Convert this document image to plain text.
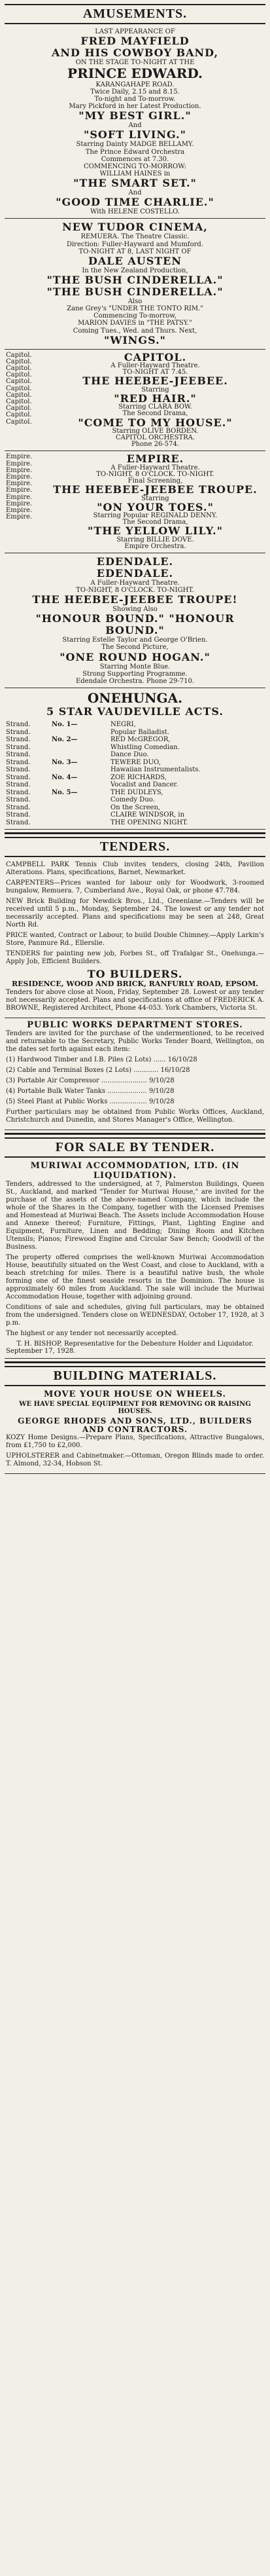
AMUSEMENTS.

LAST APPEARANCE OF

FRED MAYFIELD

AND HIS COWBOY BAND,

ON THE STAGE TO-NIGHT AT THE

PRINCE EDWARD.

KARANGAHAPE ROAD.

Twice Daily, 2.15 and 8.15.

To-night and To-morrow.

Mary Pickford in her Latest Production.

"MY BEST GIRL."

And

"SOFT LIVING."

Starring Dainty MADGE BELLAMY.

The Prince Edward Orchestra

Commences at 7.30.

COMMENCING TO-MORROW:

WILLIAM HAINES in

"THE SMART SET."

And

"GOOD TIME CHARLIE."

With HELENE COSTELLO.

NEW TUDOR CINEMA,

REMUERA. The Theatre Classic.

Direction: Fuller-Hayward and Mumford.

TO-NIGHT AT 8, LAST NIGHT OF

DALE AUSTEN

In the New Zealand Production,

"THE BUSH CINDERELLA."

"THE BUSH CINDERELLA."

Also

Zane Grey's "UNDER THE TONTO RIM."

Commencing To-morrow,

MARION DAVIES in "THE PATSY."

Coming Tues., Wed. and Thurs. Next,

"WINGS."

Capitol.

Capitol.

Capitol.

Capitol.

Capitol.

Capitol.

Capitol.

Capitol.

Capitol.

Capitol.

Capitol.

CAPITOL.

A Fuller-Hayward Theatre.

TO-NIGHT AT 7.45.

THE HEEBEE-JEEBEE.

Starring

"RED HAIR."

Starring CLARA BOW.

The Second Drama,

"COME TO MY HOUSE."

Starring OLIVE BORDEN.

CAPITOL ORCHESTRA.

Phone 26-574.

Empire.

Empire.

Empire.

Empire.

Empire.

Empire.

Empire.

Empire.

Empire.

Empire.

EMPIRE.

A Fuller-Hayward Theatre.

TO-NIGHT, 8 O'CLOCK. TO-NIGHT.

Final Screening,

THE HEEBEE-JEEBEE TROUPE.

Starring

"ON YOUR TOES."

Starring Popular REGINALD DENNY.

The Second Drama,

"THE YELLOW LILY."

Starring BILLIE DOVE.

Empire Orchestra.

EDENDALE.

EDENDALE.

A Fuller-Hayward Theatre.

TO-NIGHT, 8 O'CLOCK. TO-NIGHT.

THE HEEBEE-JEEBEE TROUPE!

Showing Also

"HONOUR BOUND." "HONOUR BOUND."

Starring Estelle Taylor and George O'Brien.

The Second Picture,

"ONE ROUND HOGAN."

Starring Monte Blue.

Strong Supporting Programme.

Edendale Orchestra. Phone 29-710.

ONEHUNGA.

5 STAR VAUDEVILLE ACTS.

Strand.	No. 1—	NEGRI,
Strand.	Popular Balladist.
Strand.	No. 2—	RED McGREGOR,
Strand.	Whistling Comedian.
Strand.	Dance Duo.
Strand.	No. 3—	TEWERE DUO,
Strand.	Hawaiian Instrumentalists.
Strand.	No. 4—	ZOE RICHARDS,
Strand.	Vocalist and Dancer.
Strand.	No. 5—	THE DUDLEYS,
Strand.	Comedy Duo.
Strand.	On the Screen,
Strand.	CLAIRE WINDSOR, in
Strand.	THE OPENING NIGHT.
TENDERS.

CAMPBELL PARK Tennis Club invites tenders, closing 24th, Pavilion Alterations. Plans, specifications, Barnet, Newmarket.

CARPENTERS—Prices wanted for labour only for Woodwork, 3-roomed bungalow, Remuera. 7, Cumberland Ave., Royal Oak, or phone 47.784.

NEW Brick Building for Newdick Bros., Ltd., Greenlane.—Tenders will be received until 5 p.m., Monday, September 24. The lowest or any tender not necessarily accepted. Plans and specifications may be seen at 248, Great North Rd.

PRICE wanted, Contract or Labour, to build Double Chimney.—Apply Larkin's Store, Panmure Rd., Ellerslie.

TENDERS for painting new job, Forbes St., off Trafalgar St., Onehunga.—Apply Job, Efficient Builders.

TO BUILDERS.

RESIDENCE, WOOD AND BRICK, RANFURLY ROAD, EPSOM.

Tenders for above close at Noon, Friday, September 28. Lowest or any tender not necessarily accepted. Plans and specifications at office of FREDERICK A. BROWNE, Registered Architect, Phone 44-053. York Chambers, Victoria St.

PUBLIC WORKS DEPARTMENT STORES.

Tenders are invited for the purchase of the undermentioned, to be received and returnable to the Secretary, Public Works Tender Board, Wellington, on the dates set forth against each item:

(1) Hardwood Timber and I.B. Piles (2 Lots) ...... 16/10/28

(2) Cable and Terminal Boxes (2 Lots) ............ 16/10/28

(3) Portable Air Compressor ...................... 9/10/28

(4) Portable Bulk Water Tanks ................... 9/10/28

(5) Steel Plant at Public Works .................. 9/10/28

Further particulars may be obtained from Public Works Offices, Auckland, Christchurch and Dunedin, and Stores Manager's Office, Wellington.

FOR SALE BY TENDER.

MURIWAI ACCOMMODATION, LTD. (IN LIQUIDATION).

Tenders, addressed to the undersigned, at 7, Palmerston Buildings, Queen St., Auckland, and marked "Tender for Muriwai House," are invited for the purchase of the assets of the above-named Company, which include the whole of the Shares in the Company, together with the Licensed Premises and Homestead at Muriwai Beach. The Assets include Accommodation House and Annexe thereof; Furniture, Fittings, Plant, Lighting Engine and Equipment, Furniture, Linen and Bedding; Dining Room and Kitchen Utensils; Pianos; Firewood Engine and Circular Saw Bench; Goodwill of the Business.

The property offered comprises the well-known Muriwai Accommodation House, beautifully situated on the West Coast, and close to Auckland, with a beach stretching for miles. There is a beautiful native bush, the whole forming one of the finest seaside resorts in the Dominion. The house is approximately 60 miles from Auckland. The sale will include the Muriwai Accommodation House, together with adjoining ground.

Conditions of sale and schedules, giving full particulars, may be obtained from the undersigned. Tenders close on WEDNESDAY, October 17, 1928, at 3 p.m.

The highest or any tender not necessarily accepted.

T. H. BISHOP, Representative for the Debenture Holder and Liquidator.

September 17, 1928.

BUILDING MATERIALS.

MOVE YOUR HOUSE ON WHEELS.

WE HAVE SPECIAL EQUIPMENT FOR REMOVING OR RAISING HOUSES.

GEORGE RHODES AND SONS, LTD., BUILDERS AND CONTRACTORS.

KOZY Home Designs.—Prepare Plans, Specifications, Attractive Bungalows, from £1,750 to £2,000.

UPHOLSTERER and Cabinetmaker.—Ottoman, Oregon Blinds made to order. T. Almond, 32-34, Hobson St.
